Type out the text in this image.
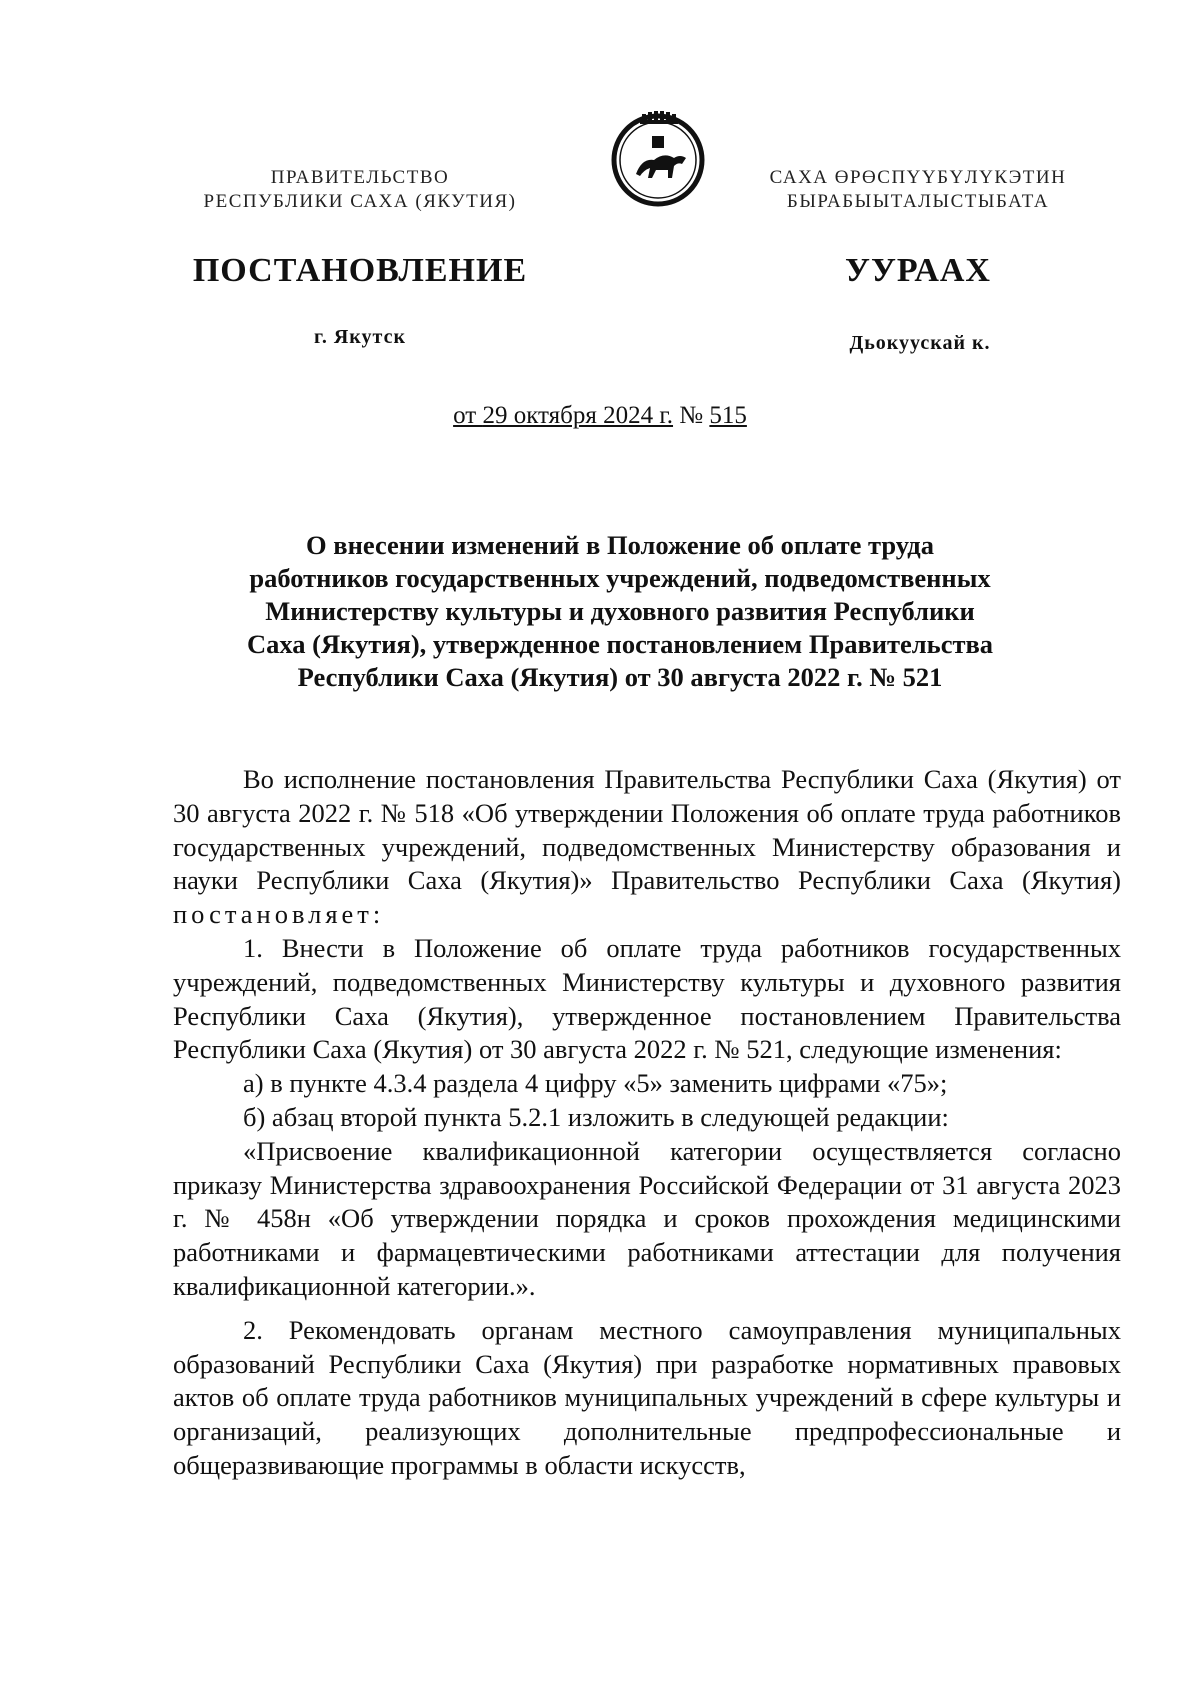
ПРАВИТЕЛЬСТВО
РЕСПУБЛИКИ САХА (ЯКУТИЯ)
САХА ӨРӨСПҮҮБҮЛҮКЭТИН
БЫРАБЫЫТАЛЫСТЫБАТА
ПОСТАНОВЛЕНИЕ	УУРААХ
г. Якутск	Дьокуускай к.
от 29 октября 2024 г. № 515
О внесении изменений в Положение об оплате труда
работников государственных учреждений, подведомственных
Министерству культуры и духовного развития Республики
Саха (Якутия), утвержденное постановлением Правительства
Республики Саха (Якутия) от 30 августа 2022 г. № 521

Во исполнение постановления Правительства Республики Саха (Якутия) от 30 августа 2022 г. № 518 «Об утверждении Положения об оплате труда работников государственных учреждений, подведомственных Министерству образования и науки Республики Саха (Якутия)» Правительство Республики Саха (Якутия) постановляет:

1. Внести в Положение об оплате труда работников государственных учреждений, подведомственных Министерству культуры и духовного развития Республики Саха (Якутия), утвержденное постановлением Правительства Республики Саха (Якутия) от 30 августа 2022 г. № 521, следующие изменения:

а) в пункте 4.3.4 раздела 4 цифру «5» заменить цифрами «75»;

б) абзац второй пункта 5.2.1 изложить в следующей редакции:

«Присвоение квалификационной категории осуществляется согласно приказу Министерства здравоохранения Российской Федерации от 31 августа 2023 г. № 458н «Об утверждении порядка и сроков прохождения медицинскими работниками и фармацевтическими работниками аттестации для получения квалификационной категории.».

2. Рекомендовать органам местного самоуправления муниципальных образований Республики Саха (Якутия) при разработке нормативных правовых актов об оплате труда работников муниципальных учреждений в сфере культуры и организаций, реализующих дополнительные предпрофессиональные и общеразвивающие программы в области искусств,
